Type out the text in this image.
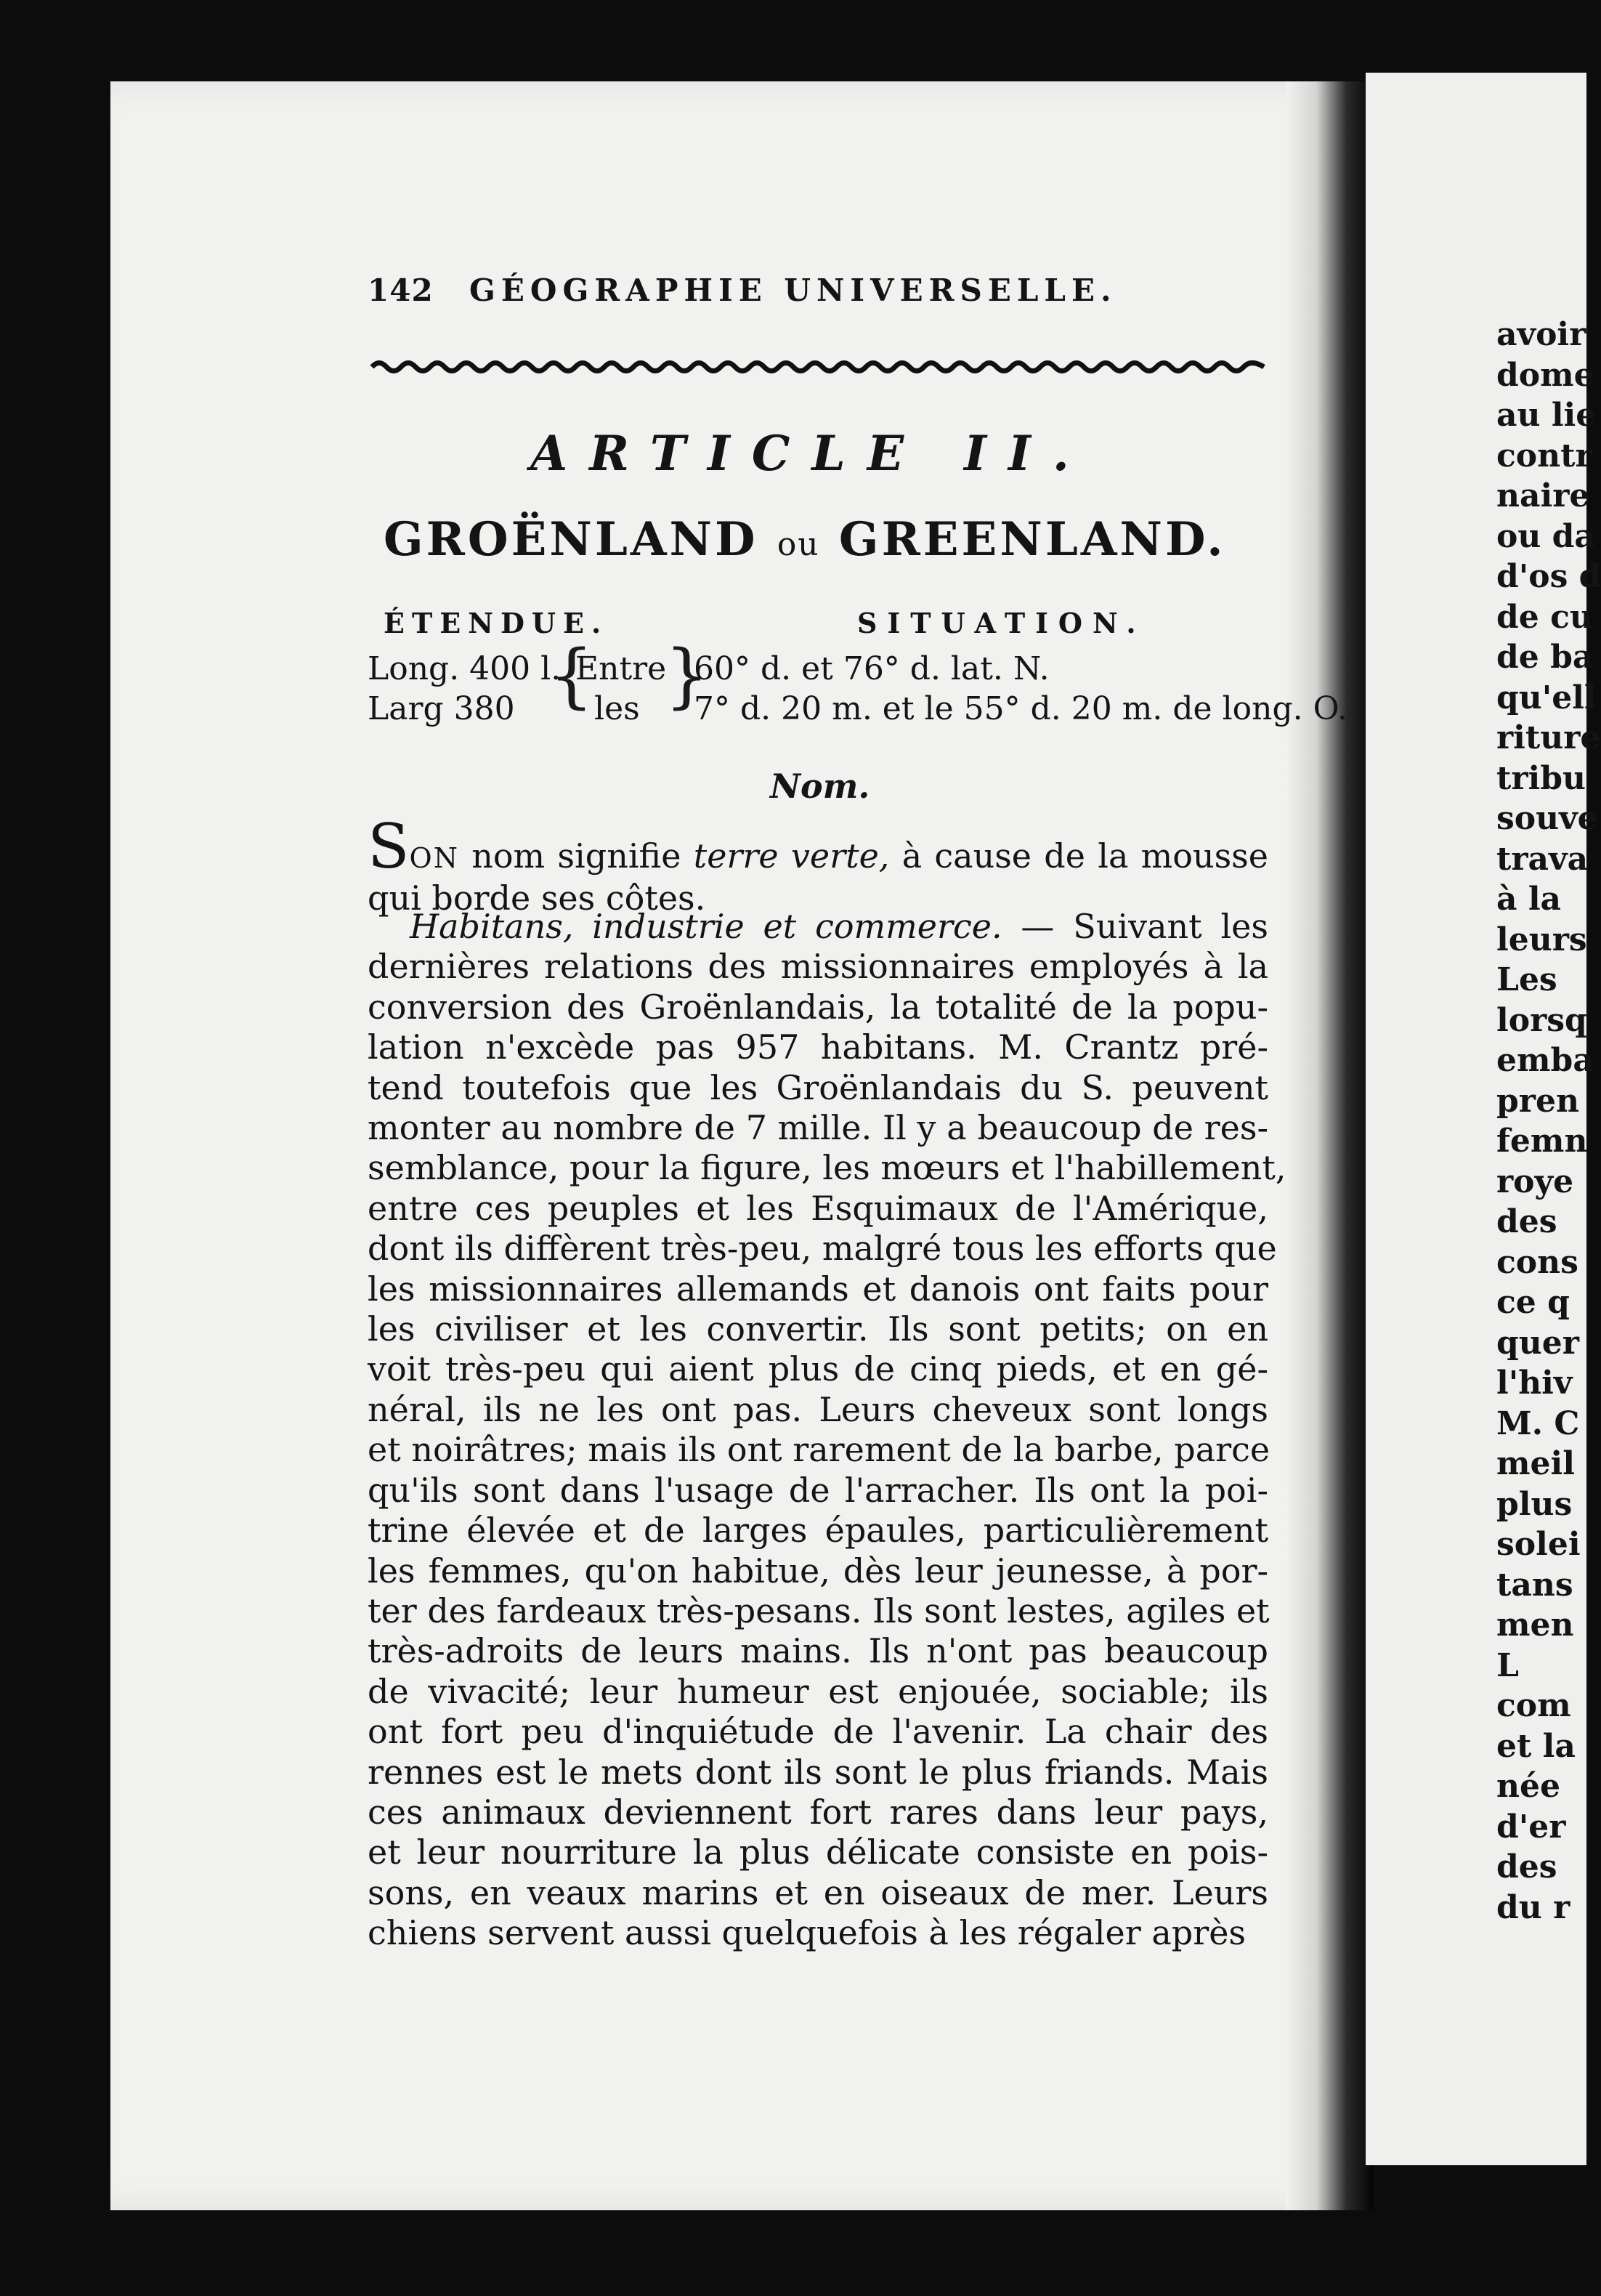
avoir
dome
au lie
contr
naire
ou da
d'os d
de cu
de ba
qu'ell
riture
tribu
souve
trava
à la
leurs
Les
lorsq
emba
pren
femn
roye
des
cons
ce q
quer
l'hiv
M. C
meil
plus
solei
tans
men
L
com
et la
née
d'er
des
du r
142	GÉOGRAPHIE UNIVERSELLE.
ARTICLE II.
GROËNLAND ou GREENLAND.
ÉTENDUE.	SITUATION.
Long. 400 l.
Larg 380 {
Entre
les }
60° d. et 76° d. lat. N.
7° d. 20 m. et le 55° d. 20 m. de long. O.
Nom.
SON nom signifie terre verte, à cause de la mousse
qui borde ses côtes.
Habitans, industrie et commerce. — Suivant les
dernières relations des missionnaires employés à la
conversion des Groënlandais, la totalité de la popu-
lation n'excède pas 957 habitans. M. Crantz pré-
tend toutefois que les Groënlandais du S. peuvent
monter au nombre de 7 mille. Il y a beaucoup de res-
semblance, pour la figure, les mœurs et l'habillement,
entre ces peuples et les Esquimaux de l'Amérique,
dont ils diffèrent très-peu, malgré tous les efforts que
les missionnaires allemands et danois ont faits pour
les civiliser et les convertir. Ils sont petits; on en
voit très-peu qui aient plus de cinq pieds, et en gé-
néral, ils ne les ont pas. Leurs cheveux sont longs
et noirâtres; mais ils ont rarement de la barbe, parce
qu'ils sont dans l'usage de l'arracher. Ils ont la poi-
trine élevée et de larges épaules, particulièrement
les femmes, qu'on habitue, dès leur jeunesse, à por-
ter des fardeaux très-pesans. Ils sont lestes, agiles et
très-adroits de leurs mains. Ils n'ont pas beaucoup
de vivacité; leur humeur est enjouée, sociable; ils
ont fort peu d'inquiétude de l'avenir. La chair des
rennes est le mets dont ils sont le plus friands. Mais
ces animaux deviennent fort rares dans leur pays,
et leur nourriture la plus délicate consiste en pois-
sons, en veaux marins et en oiseaux de mer. Leurs
chiens servent aussi quelquefois à les régaler après
